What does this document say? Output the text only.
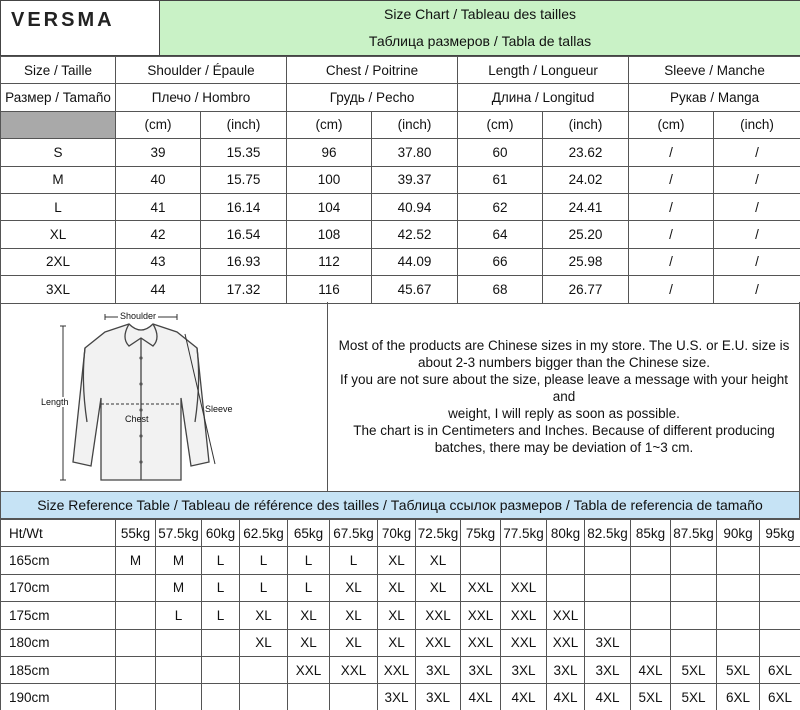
VERSMA	Size Chart / Tableau des tailles
Таблица размеров / Tabla de tallas
Size / Taille	Shoulder / Épaule		Chest / Poitrine		Length / Longueur		Sleeve / Manche	
Размер / Tamaño	Плечо / Hombro		Грудь / Pecho		Длина / Longitud		Рукав / Manga	
	(cm)	(inch)	(cm)	(inch)	(cm)	(inch)	(cm)	(inch)
S	39	15.35	96	37.80	60	23.62	/	/
M	40	15.75	100	39.37	61	24.02	/	/
L	41	16.14	104	40.94	62	24.41	/	/
XL	42	16.54	108	42.52	64	25.20	/	/
2XL	43	16.93	112	44.09	66	25.98	/	/
3XL	44	17.32	116	45.67	68	26.77	/	/
Shoulder
Length
Chest
Sleeve

Most of the products are Chinese sizes in my store. The U.S. or E.U. size is

about 2-3 numbers bigger than the Chinese size.

If you are not sure about the size, please leave a message with your height and

weight, I will reply as soon as possible.

The chart is in Centimeters and Inches. Because of different producing

batches, there may be deviation of 1~3 cm.

Size Reference Table / Tableau de référence des tailles / Таблица ссылок размеров / Tabla de referencia de tamaño
Ht/Wt	55kg	57.5kg	60kg	62.5kg	65kg	67.5kg	70kg	72.5kg	75kg	77.5kg	80kg	82.5kg	85kg	87.5kg	90kg	95kg
165cm	M	M	L	L	L	L	XL	XL								
170cm		M	L	L	L	XL	XL	XL	XXL	XXL						
175cm		L	L	XL	XL	XL	XL	XXL	XXL	XXL	XXL					
180cm				XL	XL	XL	XL	XXL	XXL	XXL	XXL	3XL				
185cm					XXL	XXL	XXL	3XL	3XL	3XL	3XL	3XL	4XL	5XL	5XL	6XL
190cm							3XL	3XL	4XL	4XL	4XL	4XL	5XL	5XL	6XL	6XL
